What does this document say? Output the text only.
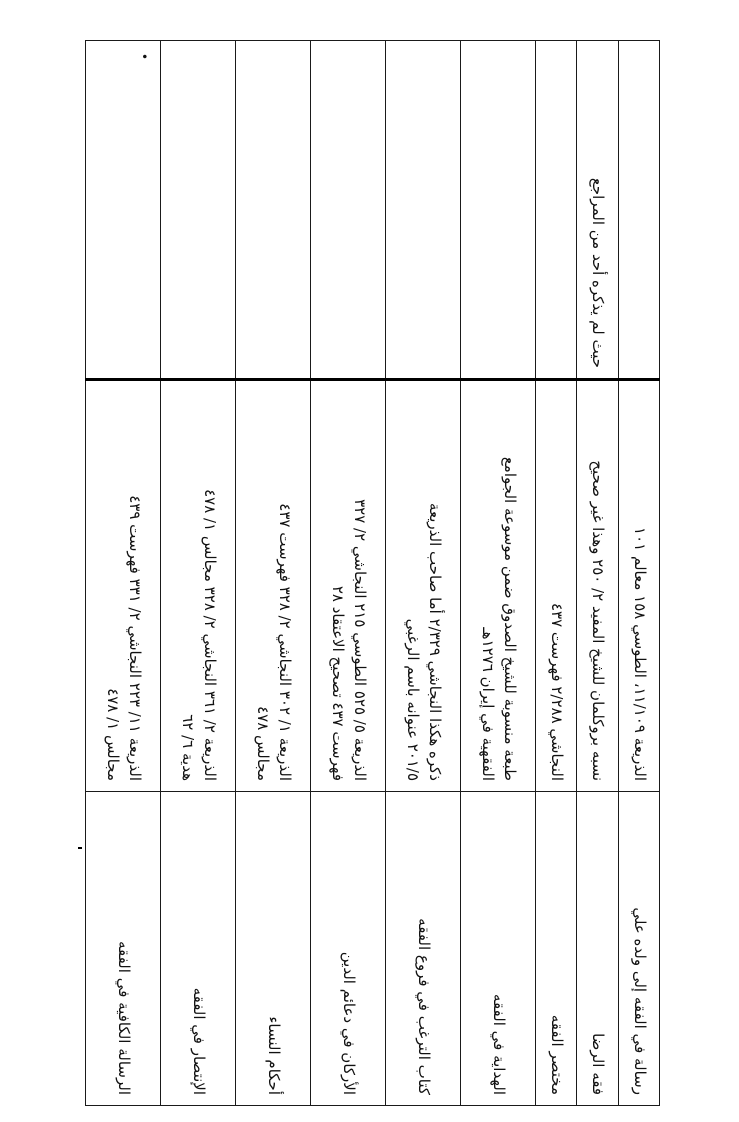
رسالة في الفقه إلى ولده علي	الذريعة ١١/١٠٩، الطوسي ١٥٨ معالم ١٠١	

فقه الرضا	نسبه بروكلمان للشيخ المفيد ٢/ ٢٥٠ وهذا غير صحيح	حيث لم يذكره أحد من المراجع
مختصر الفقه	النجاشي ٢/٢٨٨ فهرست ٤٣٧	

الهداية في الفقه	طبعة منسوبة للشيخ الصدوق ضمن موسوعة الجوامع
الفقهية في إيران ١٢٧٦هـ	

كتاب الترغب في فروع الفقه	ذكره هكذا النجاشي ٢/٣٢٩ أما صاحب الذريعة
٢٠١/٥ عنوانه باسم الرغبي	

الأركان في دعائم الدين	الذريعة ٥/ ٥٢٥ الطوسي ٢١٥ النجاشي ٢/ ٣٢٧
فهرست ٤٣٧ تصحيح الاعتقاد ٢٨	

أحكام النساء	الذريعة ١/ ٣٠٢ النجاشي ٢/ ٣٢٨ فهرست ٤٣٧
مجالس ٤٧٨	

الإنتصار في الفقه	الذريعة ٢/ ٣٦١ النجاشي ٢/ ٣٢٨ مجالس ١/ ٤٧٨
هدية ٦/ ٦٢	

الرسالة الكافية في الفقه	الذريعة ١١/ ٢٢٣ النجاشي ٢/ ٣٣١ فهرست ٤٣٩
مجالس ١/ ٤٧٨	•
